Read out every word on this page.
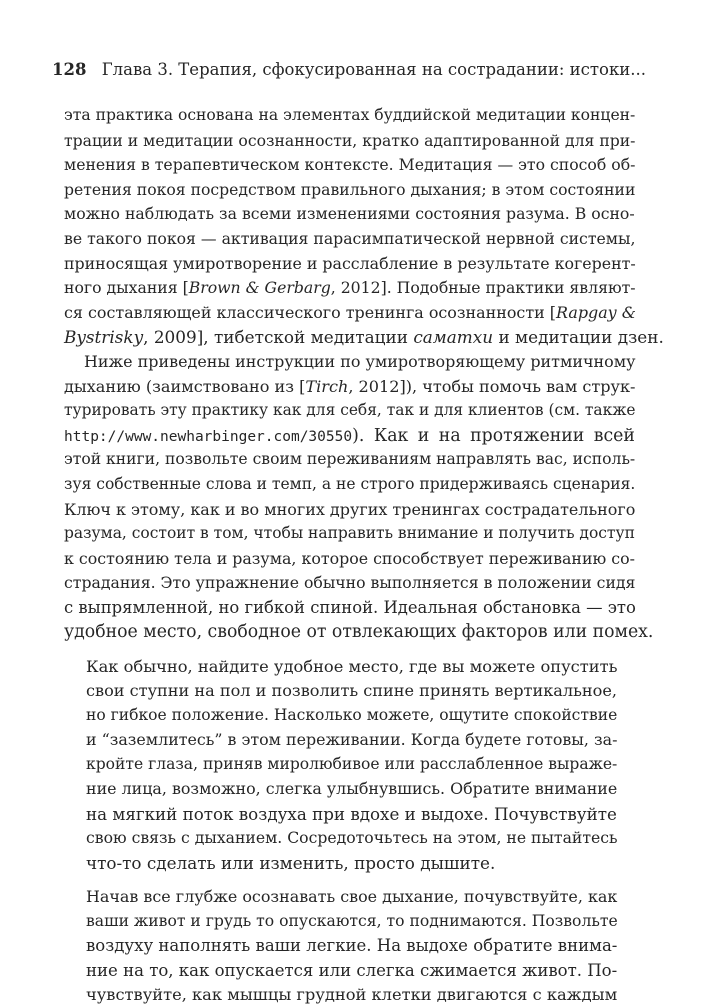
128 Глава 3. Терапия, сфокусированная на сострадании: истоки...
эта практика основана на элементах буддийской медитации концен-
трации и медитации осознанности, кратко адаптированной для при-
менения в терапевтическом контексте. Медитация — это способ об-
ретения покоя посредством правильного дыхания; в этом состоянии
можно наблюдать за всеми изменениями состояния разума. В осно-
ве такого покоя — активация парасимпатической нервной системы,
приносящая умиротворение и расслабление в результате когерент-
ного дыхания [Brown & Gerbarg, 2012]. Подобные практики являют-
ся составляющей классического тренинга осознанности [Rapgay &
Bystrisky, 2009], тибетской медитации саматхи и медитации дзен.
Ниже приведены инструкции по умиротворяющему ритмичному
дыханию (заимствовано из [Tirch, 2012]), чтобы помочь вам струк-
турировать эту практику как для себя, так и для клиентов (см. также
http://www.newharbinger.com/30550). Как и на протяжении всей
этой книги, позвольте своим переживаниям направлять вас, исполь-
зуя собственные слова и темп, а не строго придерживаясь сценария.
Ключ к этому, как и во многих других тренингах сострадательного
разума, состоит в том, чтобы направить внимание и получить доступ
к состоянию тела и разума, которое способствует переживанию со-
страдания. Это упражнение обычно выполняется в положении сидя
с выпрямленной, но гибкой спиной. Идеальная обстановка — это
удобное место, свободное от отвлекающих факторов или помех.
Как обычно, найдите удобное место, где вы можете опустить
свои ступни на пол и позволить спине принять вертикальное,
но гибкое положение. Насколько можете, ощутите спокойствие
и “заземлитесь” в этом переживании. Когда будете готовы, за-
кройте глаза, приняв миролюбивое или расслабленное выраже-
ние лица, возможно, слегка улыбнувшись. Обратите внимание
на мягкий поток воздуха при вдохе и выдохе. Почувствуйте
свою связь с дыханием. Сосредоточьтесь на этом, не пытайтесь
что-то сделать или изменить, просто дышите.
Начав все глубже осознавать свое дыхание, почувствуйте, как
ваши живот и грудь то опускаются, то поднимаются. Позвольте
воздуху наполнять ваши легкие. На выдохе обратите внима-
ние на то, как опускается или слегка сжимается живот. По-
чувствуйте, как мышцы грудной клетки двигаются с каждым
